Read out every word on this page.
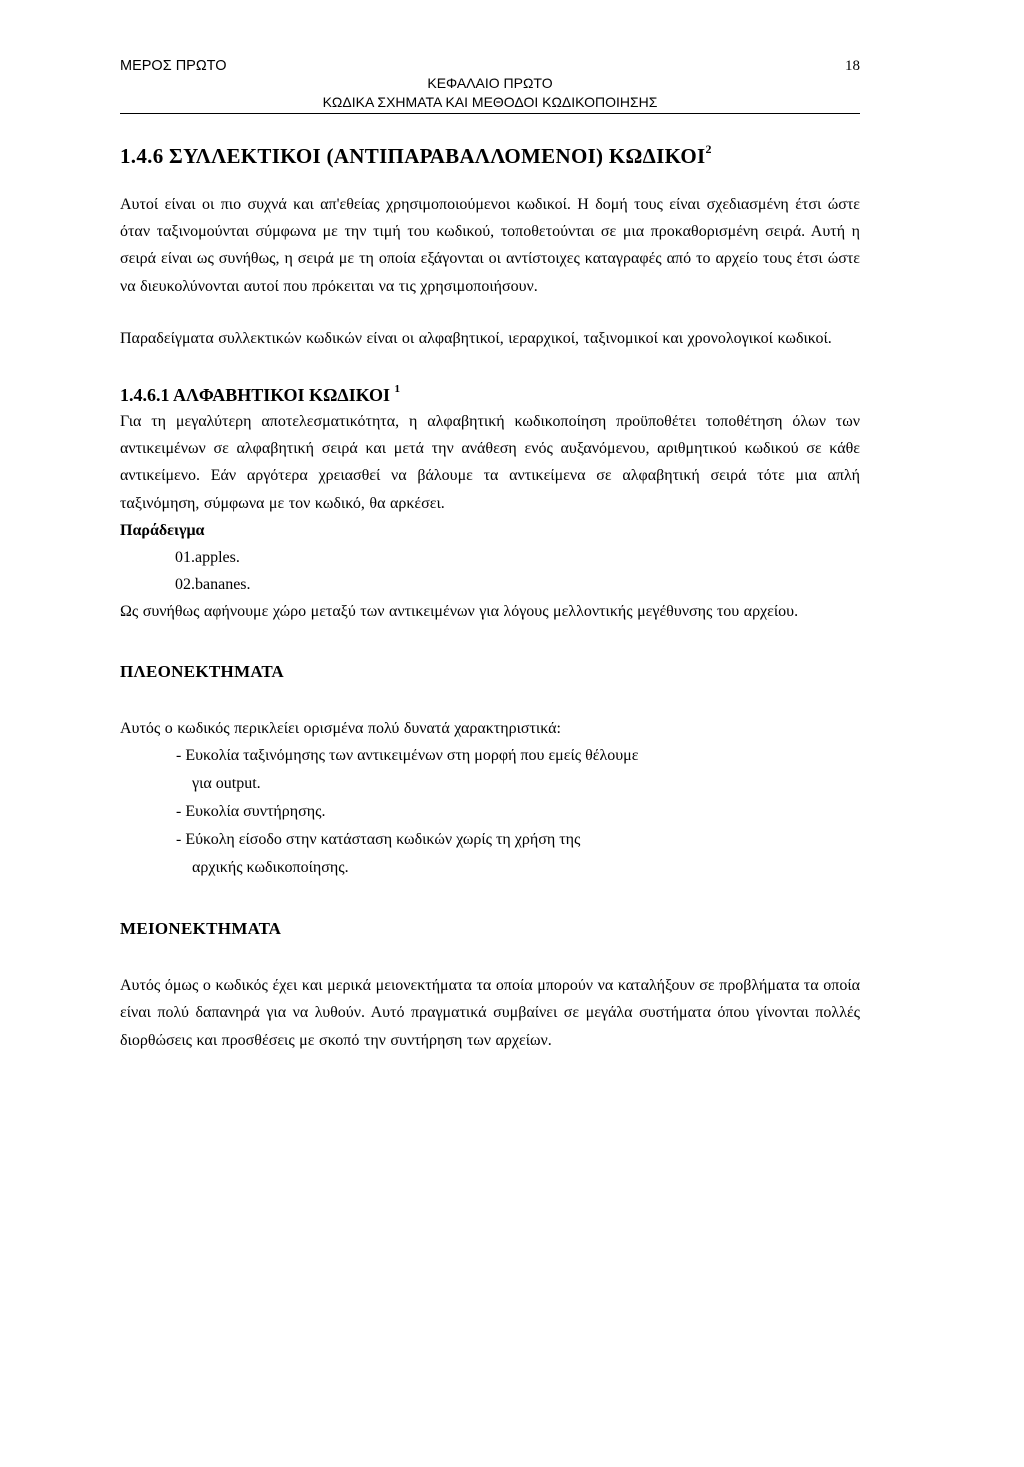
ΜΕΡΟΣ ΠΡΩΤΟ	18
ΚΕΦΑΛΑΙΟ ΠΡΩΤΟ
ΚΩΔΙΚΑ ΣΧΗΜΑΤΑ ΚΑΙ ΜΕΘΟΔΟΙ ΚΩΔΙΚΟΠΟΙΗΣΗΣ
1.4.6 ΣΥΛΛΕΚΤΙΚΟΙ (ΑΝΤΙΠΑΡΑΒΑΛΛΟΜΕΝΟΙ) ΚΩΔΙΚΟΙ$^2$

Αυτοί είναι οι πιο συχνά και απ'εθείας χρησιμοποιούμενοι κωδικοί. Η δομή τους είναι σχεδιασμένη έτσι ώστε όταν ταξινομούνται σύμφωνα με την τιμή του κωδικού, τοποθετούνται σε μια προκαθορισμένη σειρά. Αυτή η σειρά είναι ως συνήθως, η σειρά με τη οποία εξάγονται οι αντίστοιχες καταγραφές από το αρχείο τους έτσι ώστε να διευκολύνονται αυτοί που πρόκειται να τις χρησιμοποιήσουν.

Παραδείγματα συλλεκτικών κωδικών είναι οι αλφαβητικοί, ιεραρχικοί, ταξινομικοί και χρονολογικοί κωδικοί.

1.4.6.1 ΑΛΦΑΒΗΤΙΚΟΙ ΚΩΔΙΚΟΙ $^1$

Για τη μεγαλύτερη αποτελεσματικότητα, η αλφαβητική κωδικοποίηση προϋποθέτει τοποθέτηση όλων των αντικειμένων σε αλφαβητική σειρά και μετά την ανάθεση ενός αυξανόμενου, αριθμητικού κωδικού σε κάθε αντικείμενο. Εάν αργότερα χρειασθεί να βάλουμε τα αντικείμενα σε αλφαβητική σειρά τότε μια απλή ταξινόμηση, σύμφωνα με τον κωδικό, θα αρκέσει.

Παράδειγμα
01.apples.
02.bananes.

Ως συνήθως αφήνουμε χώρο μεταξύ των αντικειμένων για λόγους μελλοντικής μεγέθυνσης του αρχείου.

ΠΛΕΟΝΕΚΤΗΜΑΤΑ

Αυτός ο κωδικός περικλείει ορισμένα πολύ δυνατά χαρακτηριστικά:

- Ευκολία ταξινόμησης των αντικειμένων στη μορφή που εμείς θέλουμε
για output.
- Ευκολία συντήρησης.
- Εύκολη είσοδο στην κατάσταση κωδικών χωρίς τη χρήση της
αρχικής κωδικοποίησης.
ΜΕΙΟΝΕΚΤΗΜΑΤΑ

Αυτός όμως ο κωδικός έχει και μερικά μειονεκτήματα τα οποία μπορούν να καταλήξουν σε προβλήματα τα οποία είναι πολύ δαπανηρά για να λυθούν. Αυτό πραγματικά συμβαίνει σε μεγάλα συστήματα όπου γίνονται πολλές διορθώσεις και προσθέσεις με σκοπό την συντήρηση των αρχείων.
